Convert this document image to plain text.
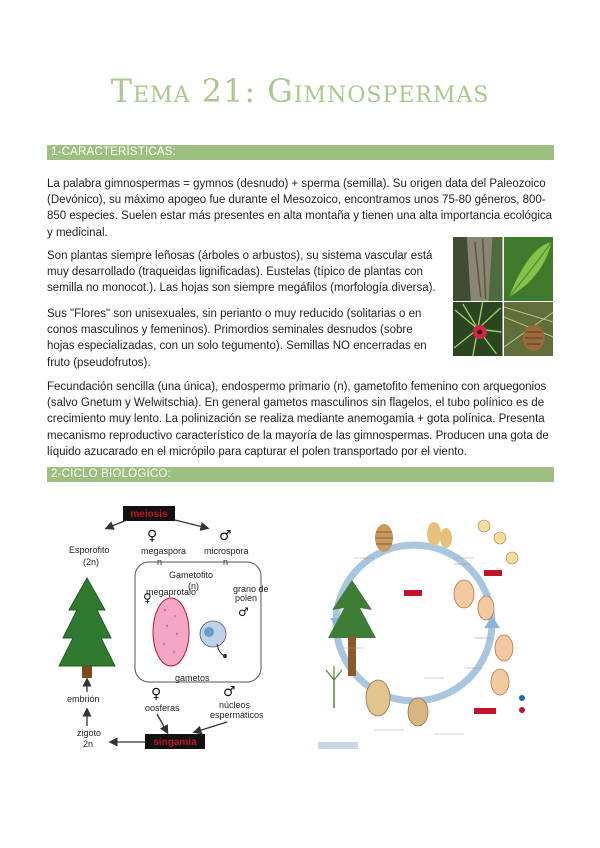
Tema 21: Gimnospermas
1-CARACTERÍSTICAS:

La palabra gimnospermas = gymnos (desnudo) + sperma (semilla). Su origen data del Paleozoico (Devónico), su máximo apogeo fue durante el Mesozoico, encontramos unos 75-80 géneros, 800-850 especies. Suelen estar más presentes en alta montaña y tienen una alta importancia ecológica y medicinal.

Son plantas siempre leñosas (árboles o arbustos), su sistema vascular está muy desarrollado (traqueidas lignificadas). Eustelas (típico de plantas con semilla no monocot.). Las hojas son siempre megáfilos (morfología diversa).

Sus "Flores" son unisexuales, sin perianto o muy reducido (solitarias o en conos masculinos y femeninos). Primordios seminales desnudos (sobre hojas especializadas, con un solo tegumento). Semillas NO encerradas en fruto (pseudofrutos).

Fecundación sencilla (una única), endospermo primario (n), gametofito femenino con arquegonios (salvo Gnetum y Welwitschia). En general gametos masculinos sin flagelos, el tubo polínico es de crecimiento muy lento. La polinización se realiza mediante anemogamia + gota polínica. Presenta mecanismo reproductivo característico de la mayoría de las gimnospermas. Producen una gota de líquido azucarado en el micrópilo para capturar el polen transportado por el viento.

2-CICLO BIOLÓGICO:
meiosis
Esporofito
(2n)
♀
megaspora
n
♂
microspora
n
Gametofito
(n)
♀
megaprotalo	grano de
polen
♂
gametos
♀
oosferas
♂
núcleos
espermáticos
singamia
zigoto
2n
embrión
